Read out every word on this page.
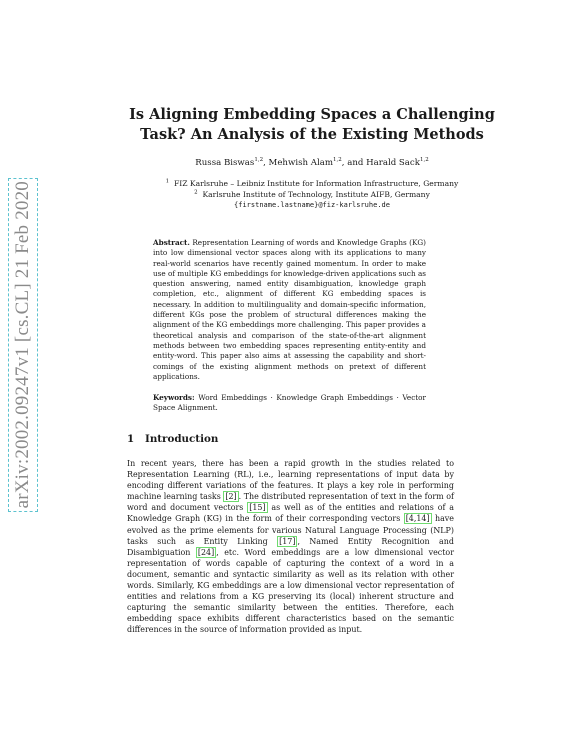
arXiv:2002.09247v1 [cs.CL] 21 Feb 2020
Is Aligning Embedding Spaces a Challenging
Task? An Analysis of the Existing Methods
Russa Biswas$^{1,2}$, Mehwish Alam$^{1,2}$, and Harald Sack$^{1,2}$
$^1$ FIZ Karlsruhe – Leibniz Institute for Information Infrastructure, Germany
$^2$ Karlsruhe Institute of Technology, Institute AIFB, Germany
{firstname.lastname}@fiz-karlsruhe.de

Abstract. Representation Learning of words and Knowledge Graphs (KG) into low dimensional vector spaces along with its applications to many real-world scenarios have recently gained momentum. In order to make use of multiple KG embeddings for knowledge-driven applications such as question answering, named entity disambiguation, knowledge graph completion, etc., alignment of different KG embedding spaces is necessary. In addition to multilinguality and domain-specific information, different KGs pose the problem of structural differences making the alignment of the KG embeddings more challenging. This paper provides a theoretical analysis and comparison of the state-of-the-art alignment methods between two embedding spaces representing entity-entity and entity-word. This paper also aims at assessing the capability and short-comings of the existing alignment methods on pretext of different applications.

Keywords: Word Embeddings · Knowledge Graph Embeddings · Vector Space Alignment.

1 Introduction

In recent years, there has been a rapid growth in the studies related to Representation Learning (RL), i.e., learning representations of input data by encoding different variations of the features. It plays a key role in performing machine learning tasks [2] . The distributed representation of text in the form of word and document vectors [15] as well as of the entities and relations of a Knowledge Graph (KG) in the form of their corresponding vectors [4,14] have evolved as the prime elements for various Natural Language Processing (NLP) tasks such as Entity Linking [17] , Named Entity Recognition and Disambiguation [24] , etc. Word embeddings are a low dimensional vector representation of words capable of capturing the context of a word in a document, semantic and syntactic similarity as well as its relation with other words. Similarly, KG embeddings are a low dimensional vector representation of entities and relations from a KG preserving its (local) inherent structure and capturing the semantic similarity between the entities. Therefore, each embedding space exhibits different characteristics based on the semantic differences in the source of information provided as input.
